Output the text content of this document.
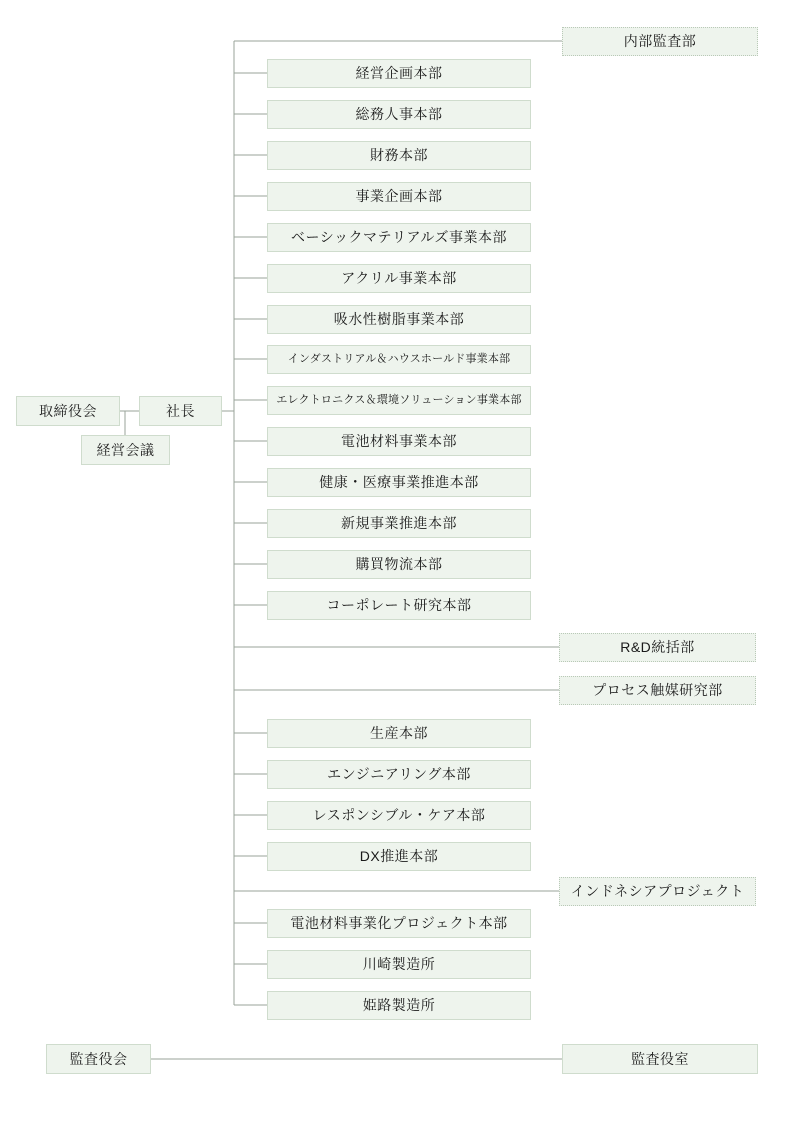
取締役会	社長
経営会議
内部監査部
経営企画本部
総務人事本部
財務本部
事業企画本部
ベーシックマテリアルズ事業本部
アクリル事業本部
吸水性樹脂事業本部
インダストリアル＆ハウスホールド事業本部
エレクトロニクス＆環境ソリューション事業本部
電池材料事業本部
健康・医療事業推進本部
新規事業推進本部
購買物流本部
コーポレート研究本部
R&D統括部
プロセス触媒研究部
生産本部
エンジニアリング本部
レスポンシブル・ケア本部
DX推進本部
インドネシアプロジェクト
電池材料事業化プロジェクト本部
川崎製造所
姫路製造所
監査役会	監査役室
